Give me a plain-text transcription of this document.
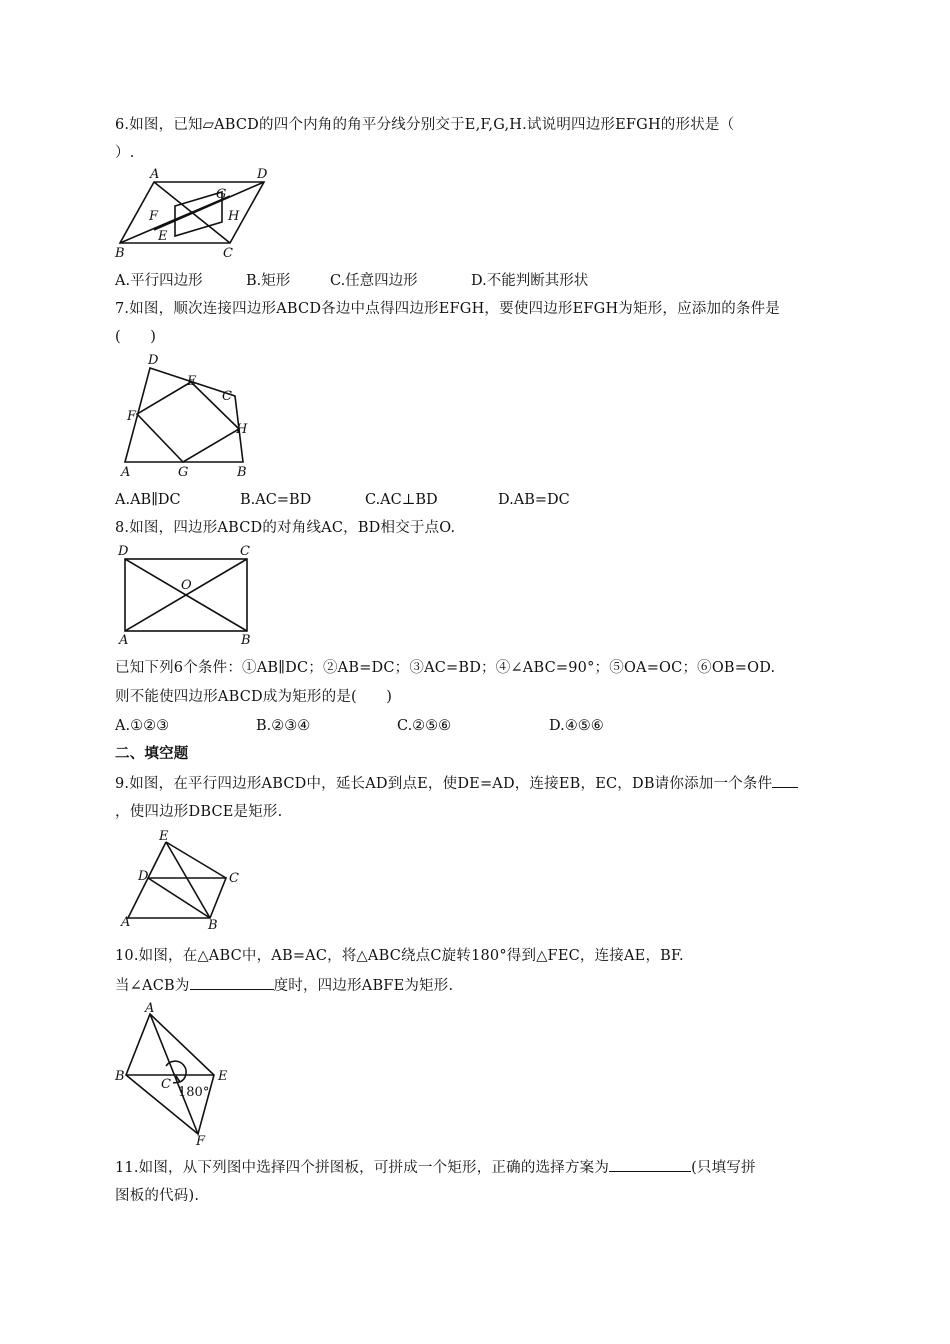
6.如图，已知▱ABCD的四个内角的角平分线分别交于E,F,G,H.试说明四边形EFGH的形状是（
）.
A	D
G
F	H
E
B	C
A.平行四边形	B.矩形	C.任意四边形	D.不能判断其形状
7.如图，顺次连接四边形ABCD各边中点得四边形EFGH，要使四边形EFGH为矩形，应添加的条件是
(　　)
D
E
C
F
H
A	G	B
A.AB∥DC	B.AC=BD	C.AC⊥BD	D.AB=DC
8.如图，四边形ABCD的对角线AC，BD相交于点O.
D	C
O
A	B
已知下列6个条件：①AB∥DC；②AB=DC；③AC=BD；④∠ABC=90°；⑤OA=OC；⑥OB=OD.
则不能使四边形ABCD成为矩形的是(　　)
A.①②③	B.②③④	C.②⑤⑥	D.④⑤⑥
二、填空题
9.如图，在平行四边形ABCD中，延长AD到点E，使DE=AD，连接EB，EC，DB请你添加一个条件
，使四边形DBCE是矩形.
E
D	C
A	B
10.如图，在△ABC中，AB=AC，将△ABC绕点C旋转180°得到△FEC，连接AE，BF.
当∠ACB为	度时，四边形ABFE为矩形.
A
B
C
E
180°
F
11.如图，从下列图中选择四个拼图板，可拼成一个矩形，正确的选择方案为	(只填写拼
图板的代码).
